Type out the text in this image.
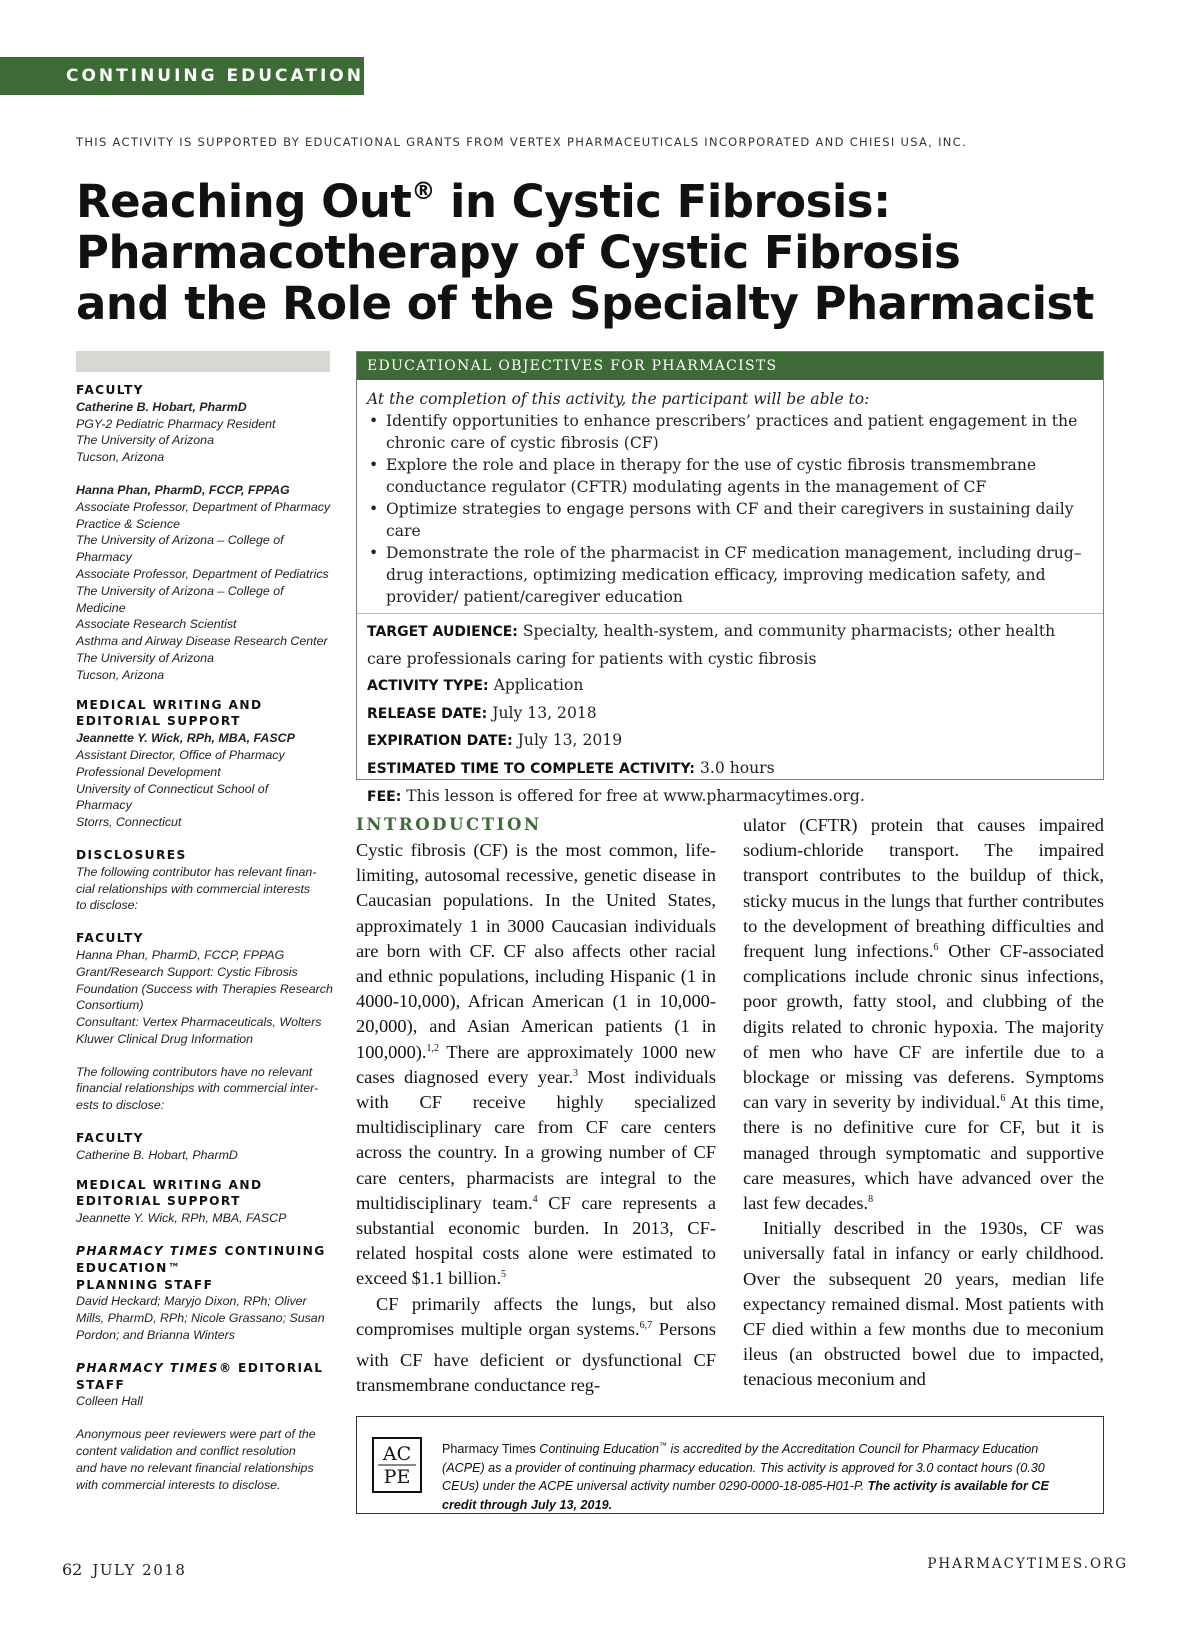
CONTINUING EDUCATION
THIS ACTIVITY IS SUPPORTED BY EDUCATIONAL GRANTS FROM VERTEX PHARMACEUTICALS INCORPORATED AND CHIESI USA, INC.
Reaching Out® in Cystic Fibrosis:
Pharmacotherapy of Cystic Fibrosis
and the Role of the Specialty Pharmacist
FACULTY
Catherine B. Hobart, PharmD
PGY-2 Pediatric Pharmacy Resident
The University of Arizona
Tucson, Arizona
Hanna Phan, PharmD, FCCP, FPPAG
Associate Professor, Department of Pharmacy
Practice & Science
The University of Arizona – College of
Pharmacy
Associate Professor, Department of Pediatrics
The University of Arizona – College of
Medicine
Associate Research Scientist
Asthma and Airway Disease Research Center
The University of Arizona
Tucson, Arizona
MEDICAL WRITING AND
EDITORIAL SUPPORT
Jeannette Y. Wick, RPh, MBA, FASCP
Assistant Director, Office of Pharmacy
Professional Development
University of Connecticut School of
Pharmacy
Storrs, Connecticut
DISCLOSURES
The following contributor has relevant finan-
cial relationships with commercial interests
to disclose:
FACULTY
Hanna Phan, PharmD, FCCP, FPPAG
Grant/Research Support: Cystic Fibrosis
Foundation (Success with Therapies Research
Consortium)
Consultant: Vertex Pharmaceuticals, Wolters
Kluwer Clinical Drug Information
The following contributors have no relevant
financial relationships with commercial inter-
ests to disclose:
FACULTY
Catherine B. Hobart, PharmD
MEDICAL WRITING AND
EDITORIAL SUPPORT
Jeannette Y. Wick, RPh, MBA, FASCP
PHARMACY TIMES CONTINUING
EDUCATION™
PLANNING STAFF
David Heckard; Maryjo Dixon, RPh; Oliver
Mills, PharmD, RPh; Nicole Grassano; Susan
Pordon; and Brianna Winters
PHARMACY TIMES® EDITORIAL
STAFF
Colleen Hall
Anonymous peer reviewers were part of the
content validation and conflict resolution
and have no relevant financial relationships
with commercial interests to disclose.
EDUCATIONAL OBJECTIVES FOR PHARMACISTS
At the completion of this activity, the participant will be able to:
• Identify opportunities to enhance prescribers’ practices and patient engagement in the chronic care of cystic fibrosis (CF)
• Explore the role and place in therapy for the use of cystic fibrosis transmembrane conductance regulator (CFTR) modulating agents in the management of CF
• Optimize strategies to engage persons with CF and their caregivers in sustaining daily care
• Demonstrate the role of the pharmacist in CF medication management, including drug–drug interactions, optimizing medication efficacy, improving medication safety, and provider/ patient/caregiver education
TARGET AUDIENCE: Specialty, health-system, and community pharmacists; other health care professionals caring for patients with cystic fibrosis
ACTIVITY TYPE: Application
RELEASE DATE: July 13, 2018
EXPIRATION DATE: July 13, 2019
ESTIMATED TIME TO COMPLETE ACTIVITY: 3.0 hours
FEE: This lesson is offered for free at www.pharmacytimes.org.
INTRODUCTION

Cystic fibrosis (CF) is the most common, life-limiting, autosomal recessive, genetic disease in Caucasian populations. In the United States, approximately 1 in 3000 Caucasian individuals are born with CF. CF also affects other racial and ethnic populations, including Hispanic (1 in 4000-10,000), African American (1 in 10,000-20,000), and Asian American patients (1 in 100,000).$^{1,2}$ There are approximately 1000 new cases diagnosed every year.$^3$ Most individuals with CF receive highly specialized multidisciplinary care from CF care centers across the country. In a growing number of CF care centers, pharmacists are integral to the multidisciplinary team.$^4$ CF care represents a substantial economic burden. In 2013, CF-related hospital costs alone were estimated to exceed $1.1 billion.$^5$

CF primarily affects the lungs, but also compromises multiple organ systems.$^{6,7}$ Persons with CF have deficient or dysfunctional CF transmembrane conductance reg-

ulator (CFTR) protein that causes impaired sodium-chloride transport. The impaired transport contributes to the buildup of thick, sticky mucus in the lungs that further contributes to the development of breathing difficulties and frequent lung infections.$^6$ Other CF-associated complications include chronic sinus infections, poor growth, fatty stool, and clubbing of the digits related to chronic hypoxia. The majority of men who have CF are infertile due to a blockage or missing vas deferens. Symptoms can vary in severity by individual.$^6$ At this time, there is no definitive cure for CF, but it is managed through symptomatic and supportive care measures, which have advanced over the last few decades.$^8$

Initially described in the 1930s, CF was universally fatal in infancy or early childhood. Over the subsequent 20 years, median life expectancy remained dismal. Most patients with CF died within a few months due to meconium ileus (an obstructed bowel due to impacted, tenacious meconium and

AC
PE
Pharmacy Times Continuing Education™ is accredited by the Accreditation Council for Pharmacy Education (ACPE) as a provider of continuing pharmacy education. This activity is approved for 3.0 contact hours (0.30 CEUs) under the ACPE universal activity number 0290-0000-18-085-H01-P. The activity is available for CE credit through July 13, 2019.
62 JULY 2018	PHARMACYTIMES.ORG
